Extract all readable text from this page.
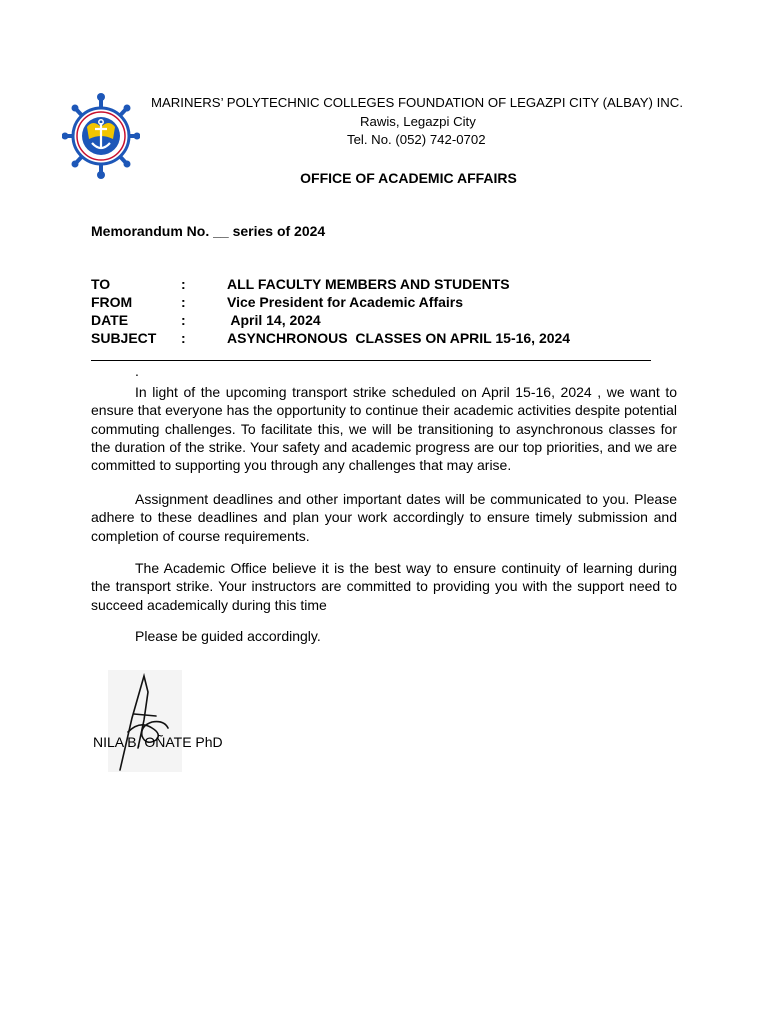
MARINERS’ POLYTECHNIC COLLEGES FOUNDATION OF LEGAZPI CITY (ALBAY) INC.
Rawis, Legazpi City
Tel. No. (052) 742-0702
OFFICE OF ACADEMIC AFFAIRS
Memorandum No. __ series of 2024
TO	:	ALL FACULTY MEMBERS AND STUDENTS
FROM	:	Vice President for Academic Affairs
DATE	:	April 14, 2024
SUBJECT :	ASYNCHRONOUS  CLASSES ON APRIL 15-16, 2024
.

In light of the upcoming transport strike scheduled on April 15-16, 2024 , we want to ensure that everyone has the opportunity to continue their academic activities despite potential commuting challenges. To facilitate this, we will be transitioning to asynchronous classes for the duration of the strike. Your safety and academic progress are our top priorities, and we are committed to supporting you through any challenges that may arise.

Assignment deadlines and other important dates will be communicated to you. Please adhere to these deadlines and plan your work accordingly to ensure timely submission and completion of course requirements.

The Academic Office believe it is the best way to ensure continuity of learning during the transport strike. Your instructors are committed to providing you with the support need to succeed academically during this time

Please be guided accordingly.

NILA B. OÑATE PhD
